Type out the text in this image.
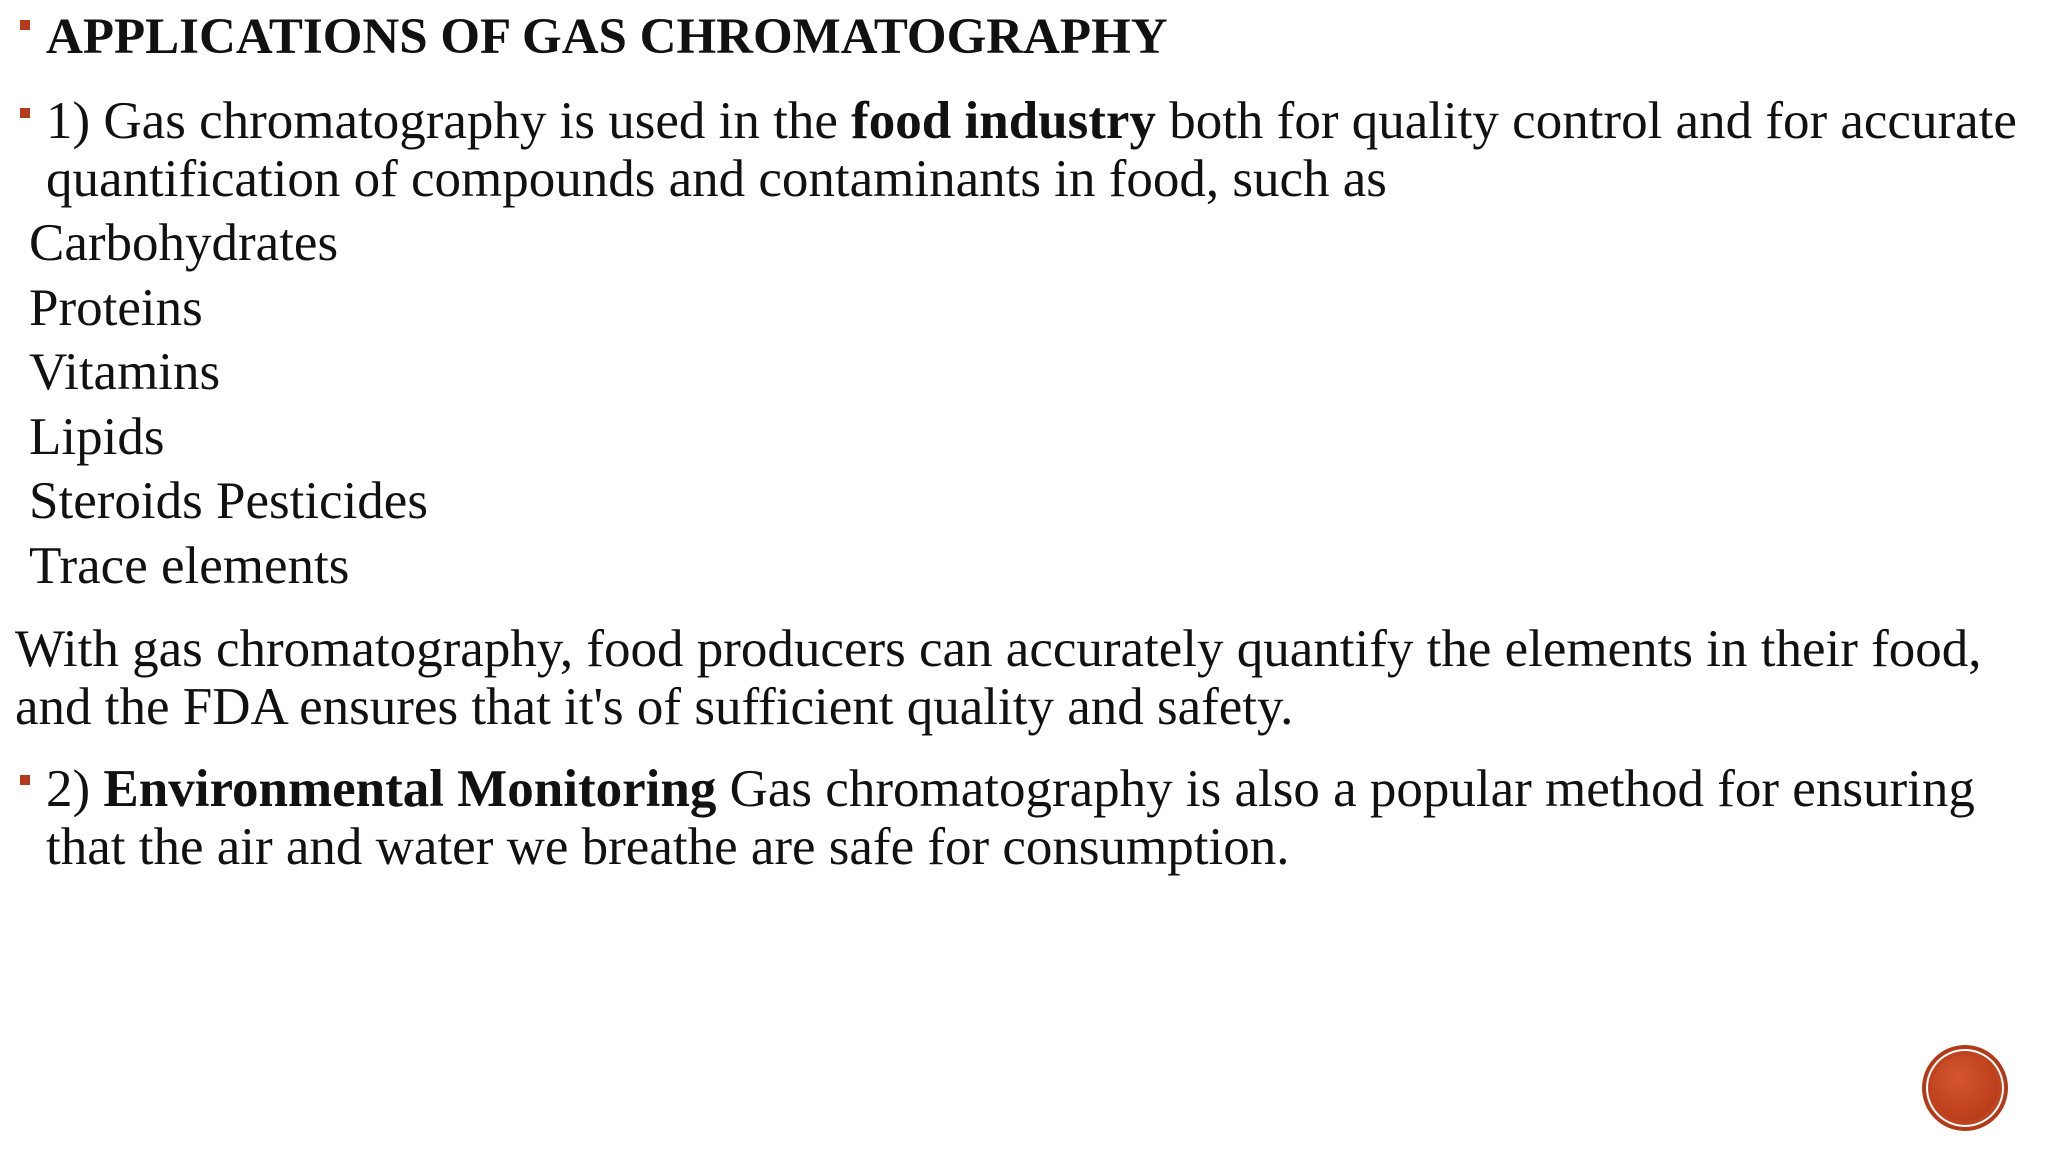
APPLICATIONS OF GAS CHROMATOGRAPHY
1) Gas chromatography is used in the food industry both for quality control and for accurate
quantification of compounds and contaminants in food, such as
Carbohydrates
Proteins
Vitamins
Lipids
Steroids Pesticides
Trace elements
With gas chromatography, food producers can accurately quantify the elements in their food,
and the FDA ensures that it's of sufficient quality and safety.
2) Environmental Monitoring Gas chromatography is also a popular method for ensuring
that the air and water we breathe are safe for consumption.
